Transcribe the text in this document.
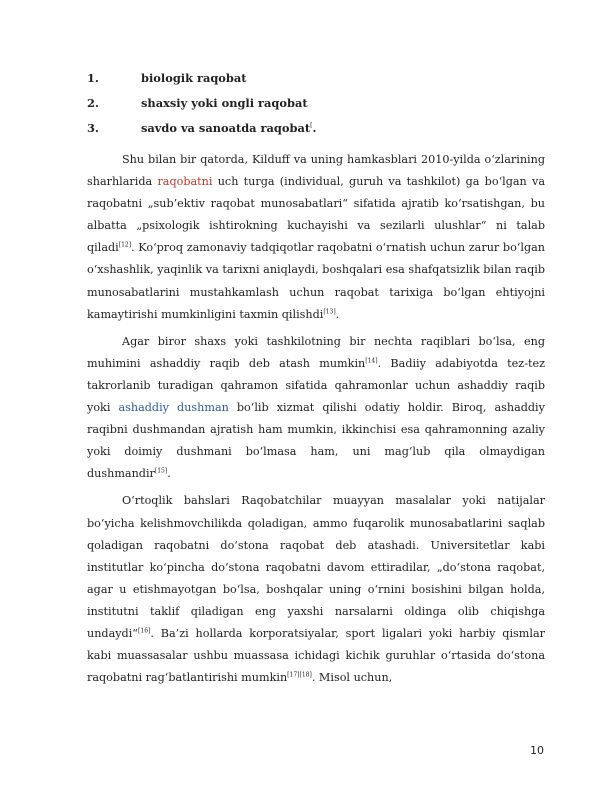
1.	biologik raqobat
2.	shaxsiy yoki ongli raqobat
3.	savdo va sanoatda raqobat[.

Shu bilan bir qatorda, Kilduff va uning hamkasblari 2010-yilda o‘zlarining sharhlarida raqobatni uch turga (individual, guruh va tashkilot) ga bo‘lgan va raqobatni „sub’ektiv raqobat munosabatlari“ sifatida ajratib ko‘rsatishgan, bu albatta „psixologik ishtirokning kuchayishi va sezilarli ulushlar“ ni talab qiladi[12]. Ko‘proq zamonaviy tadqiqotlar raqobatni o‘rnatish uchun zarur bo‘lgan o‘xshashlik, yaqinlik va tarixni aniqlaydi, boshqalari esa shafqatsizlik bilan raqib munosabatlarini mustahkamlash uchun raqobat tarixiga bo‘lgan ehtiyojni kamaytirishi mumkinligini taxmin qilishdi[13].

Agar biror shaxs yoki tashkilotning bir nechta raqiblari bo‘lsa, eng muhimini ashaddiy raqib deb atash mumkin[14]. Badiiy adabiyotda tez-tez takrorlanib turadigan qahramon sifatida qahramonlar uchun ashaddiy raqib yoki ashaddiy dushman bo‘lib xizmat qilishi odatiy holdir. Biroq, ashaddiy raqibni dushmandan ajratish ham mumkin, ikkinchisi esa qahramonning azaliy yoki doimiy dushmani bo‘lmasa ham, uni mag‘lub qila olmaydigan dushmandir[15].

O‘rtoqlik bahslari Raqobatchilar muayyan masalalar yoki natijalar bo‘yicha kelishmovchilikda qoladigan, ammo fuqarolik munosabatlarini saqlab qoladigan raqobatni do‘stona raqobat deb atashadi. Universitetlar kabi institutlar ko‘pincha do‘stona raqobatni davom ettiradilar, „do‘stona raqobat, agar u etishmayotgan bo‘lsa, boshqalar uning o‘rnini bosishini bilgan holda, institutni taklif qiladigan eng yaxshi narsalarni oldinga olib chiqishga undaydi“[16]. Ba’zi hollarda korporatsiyalar, sport ligalari yoki harbiy qismlar kabi muassasalar ushbu muassasa ichidagi kichik guruhlar o‘rtasida do‘stona raqobatni rag‘batlantirishi mumkin[17][18]. Misol uchun,

10
